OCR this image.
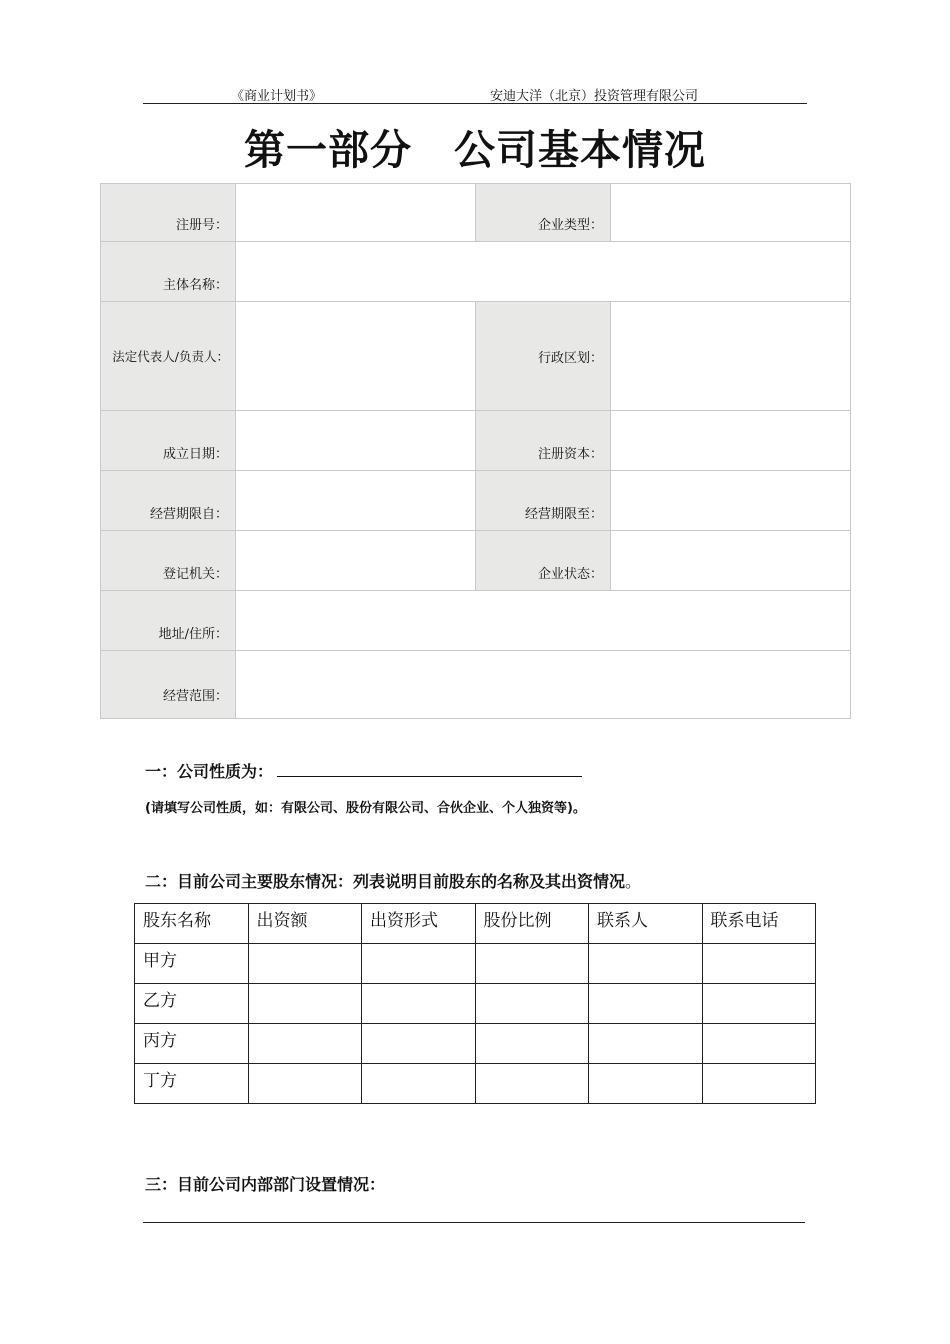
《商业计划书》	安迪大洋（北京）投资管理有限公司
第一部分　公司基本情况
注册号：		企业类型：	
主体名称：			
法定代表人/负责人：		行政区划：	
成立日期：		注册资本：	
经营期限自：		经营期限至：	
登记机关：		企业状态：	
地址/住所：			
经营范围：			
一：公司性质为：
(请填写公司性质，如：有限公司、股份有限公司、合伙企业、个人独资等)。
二：目前公司主要股东情况：列表说明目前股东的名称及其出资情况。
股东名称	出资额	出资形式	股份比例	联系人	联系电话
甲方					
乙方					
丙方					
丁方					
三：目前公司内部部门设置情况：
